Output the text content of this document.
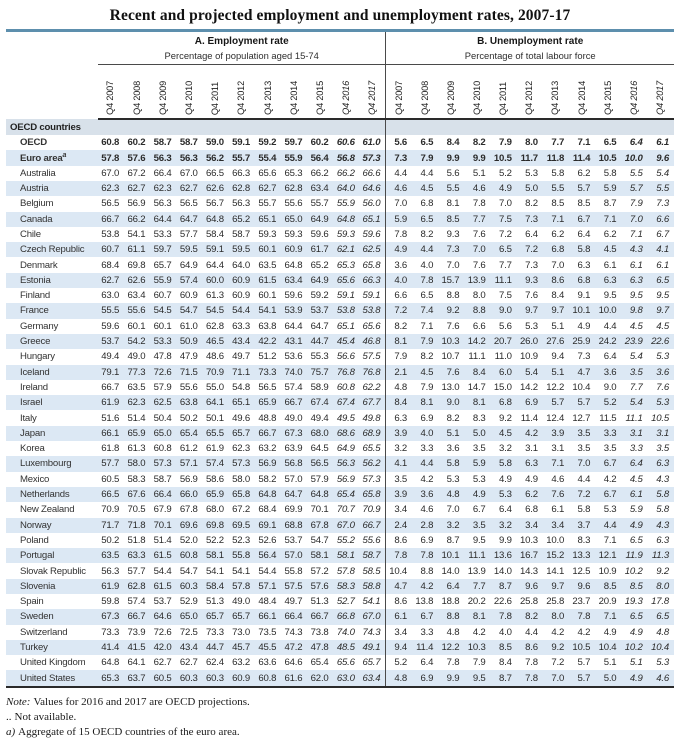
Recent and projected employment and unemployment rates, 2007-17

A. Employment rate
Percentage of population aged 15-74

B. Unemployment rate
Percentage of total labour force

	Q4 2007	Q4 2008	Q4 2009	Q4 2010	Q4 2011	Q4 2012	Q4 2013	Q4 2014	Q4 2015	Q4 2016	Q4 2017	Q4 2007	Q4 2008	Q4 2009	Q4 2010	Q4 2011	Q4 2012	Q4 2013	Q4 2014	Q4 2015	Q4 2016	Q4 2017

OECD countries																						
OECD	60.8	60.2	58.7	58.7	59.0	59.1	59.2	59.7	60.2	60.6	61.0	5.6	6.5	8.4	8.2	7.9	8.0	7.7	7.1	6.5	6.4	6.1
Euro area$^a$	57.8	57.6	56.3	56.3	56.2	55.7	55.4	55.9	56.4	56.8	57.3	7.3	7.9	9.9	9.9	10.5	11.7	11.8	11.4	10.5	10.0	9.6
Australia	67.0	67.2	66.4	67.0	66.5	66.3	65.6	65.3	66.2	66.2	66.6	4.4	4.4	5.6	5.1	5.2	5.3	5.8	6.2	5.8	5.5	5.4
Austria	62.3	62.7	62.3	62.7	62.6	62.8	62.7	62.8	63.4	64.0	64.6	4.6	4.5	5.5	4.6	4.9	5.0	5.5	5.7	5.9	5.7	5.5
Belgium	56.5	56.9	56.3	56.5	56.7	56.3	55.7	55.6	55.7	55.9	56.0	7.0	6.8	8.1	7.8	7.0	8.2	8.5	8.5	8.7	7.9	7.3
Canada	66.7	66.2	64.4	64.7	64.8	65.2	65.1	65.0	64.9	64.8	65.1	5.9	6.5	8.5	7.7	7.5	7.3	7.1	6.7	7.1	7.0	6.6
Chile	53.8	54.1	53.3	57.7	58.4	58.7	59.3	59.3	59.6	59.3	59.6	7.8	8.2	9.3	7.6	7.2	6.4	6.2	6.4	6.2	7.1	6.7
Czech Republic	60.7	61.1	59.7	59.5	59.1	59.5	60.1	60.9	61.7	62.1	62.5	4.9	4.4	7.3	7.0	6.5	7.2	6.8	5.8	4.5	4.3	4.1
Denmark	68.4	69.8	65.7	64.9	64.4	64.0	63.5	64.8	65.2	65.3	65.8	3.6	4.0	7.0	7.6	7.7	7.3	7.0	6.3	6.1	6.1	6.1
Estonia	62.7	62.6	55.9	57.4	60.0	60.9	61.5	63.4	64.9	65.6	66.3	4.0	7.8	15.7	13.9	11.1	9.3	8.6	6.8	6.3	6.3	6.5
Finland	63.0	63.4	60.7	60.9	61.3	60.9	60.1	59.6	59.2	59.1	59.1	6.6	6.5	8.8	8.0	7.5	7.6	8.4	9.1	9.5	9.5	9.5
France	55.5	55.6	54.5	54.7	54.5	54.4	54.1	53.9	53.7	53.8	53.8	7.2	7.4	9.2	8.8	9.0	9.7	9.7	10.1	10.0	9.8	9.7
Germany	59.6	60.1	60.1	61.0	62.8	63.3	63.8	64.4	64.7	65.1	65.6	8.2	7.1	7.6	6.6	5.6	5.3	5.1	4.9	4.4	4.5	4.5
Greece	53.7	54.2	53.3	50.9	46.5	43.4	42.2	43.1	44.7	45.4	46.8	8.1	7.9	10.3	14.2	20.7	26.0	27.6	25.9	24.2	23.9	22.6
Hungary	49.4	49.0	47.8	47.9	48.6	49.7	51.2	53.6	55.3	56.6	57.5	7.9	8.2	10.7	11.1	11.0	10.9	9.4	7.3	6.4	5.4	5.3
Iceland	79.1	77.3	72.6	71.5	70.9	71.1	73.3	74.0	75.7	76.8	76.8	2.1	4.5	7.6	8.4	6.0	5.4	5.1	4.7	3.6	3.5	3.6
Ireland	66.7	63.5	57.9	55.6	55.0	54.8	56.5	57.4	58.9	60.8	62.2	4.8	7.9	13.0	14.7	15.0	14.2	12.2	10.4	9.0	7.7	7.6
Israel	61.9	62.3	62.5	63.8	64.1	65.1	65.9	66.7	67.4	67.4	67.7	8.4	8.1	9.0	8.1	6.8	6.9	5.7	5.7	5.2	5.4	5.3
Italy	51.6	51.4	50.4	50.2	50.1	49.6	48.8	49.0	49.4	49.5	49.8	6.3	6.9	8.2	8.3	9.2	11.4	12.4	12.7	11.5	11.1	10.5
Japan	66.1	65.9	65.0	65.4	65.5	65.7	66.7	67.3	68.0	68.6	68.9	3.9	4.0	5.1	5.0	4.5	4.2	3.9	3.5	3.3	3.1	3.1
Korea	61.8	61.3	60.8	61.2	61.9	62.3	63.2	63.9	64.5	64.9	65.5	3.2	3.3	3.6	3.5	3.2	3.1	3.1	3.5	3.5	3.3	3.5
Luxembourg	57.7	58.0	57.3	57.1	57.4	57.3	56.9	56.8	56.5	56.3	56.2	4.1	4.4	5.8	5.9	5.8	6.3	7.1	7.0	6.7	6.4	6.3
Mexico	60.5	58.3	58.7	56.9	58.6	58.0	58.2	57.0	57.9	56.9	57.3	3.5	4.2	5.3	5.3	4.9	4.9	4.6	4.4	4.2	4.5	4.3
Netherlands	66.5	67.6	66.4	66.0	65.9	65.8	64.8	64.7	64.8	65.4	65.8	3.9	3.6	4.8	4.9	5.3	6.2	7.6	7.2	6.7	6.1	5.8
New Zealand	70.9	70.5	67.9	67.8	68.0	67.2	68.4	69.9	70.1	70.7	70.9	3.4	4.6	7.0	6.7	6.4	6.8	6.1	5.8	5.3	5.9	5.8
Norway	71.7	71.8	70.1	69.6	69.8	69.5	69.1	68.8	67.8	67.0	66.7	2.4	2.8	3.2	3.5	3.2	3.4	3.4	3.7	4.4	4.9	4.3
Poland	50.2	51.8	51.4	52.0	52.2	52.3	52.6	53.7	54.7	55.2	55.6	8.6	6.9	8.7	9.5	9.9	10.3	10.0	8.3	7.1	6.5	6.3
Portugal	63.5	63.3	61.5	60.8	58.1	55.8	56.4	57.0	58.1	58.1	58.7	7.8	7.8	10.1	11.1	13.6	16.7	15.2	13.3	12.1	11.9	11.3
Slovak Republic	56.3	57.7	54.4	54.7	54.1	54.1	54.4	55.8	57.2	57.8	58.5	10.4	8.8	14.0	13.9	14.0	14.3	14.1	12.5	10.9	10.2	9.2
Slovenia	61.9	62.8	61.5	60.3	58.4	57.8	57.1	57.5	57.6	58.3	58.8	4.7	4.2	6.4	7.7	8.7	9.6	9.7	9.6	8.5	8.5	8.0
Spain	59.8	57.4	53.7	52.9	51.3	49.0	48.4	49.7	51.3	52.7	54.1	8.6	13.8	18.8	20.2	22.6	25.8	25.8	23.7	20.9	19.3	17.8
Sweden	67.3	66.7	64.6	65.0	65.7	65.7	66.1	66.4	66.7	66.8	67.0	6.1	6.7	8.8	8.1	7.8	8.2	8.0	7.8	7.1	6.5	6.5
Switzerland	73.3	73.9	72.6	72.5	73.3	73.0	73.5	74.3	73.8	74.0	74.3	3.4	3.3	4.8	4.2	4.0	4.4	4.2	4.2	4.9	4.9	4.8
Turkey	41.4	41.5	42.0	43.4	44.7	45.7	45.5	47.2	47.8	48.5	49.1	9.4	11.4	12.2	10.3	8.5	8.6	9.2	10.5	10.4	10.2	10.4
United Kingdom	64.8	64.1	62.7	62.7	62.4	63.2	63.6	64.6	65.4	65.6	65.7	5.2	6.4	7.8	7.9	8.4	7.8	7.2	5.7	5.1	5.1	5.3
United States	65.3	63.7	60.5	60.3	60.3	60.9	60.8	61.6	62.0	63.0	63.4	4.8	6.9	9.9	9.5	8.7	7.8	7.0	5.7	5.0	4.9	4.6
Note: Values for 2016 and 2017 are OECD projections.
.. Not available.
a) Aggregate of 15 OECD countries of the euro area.
